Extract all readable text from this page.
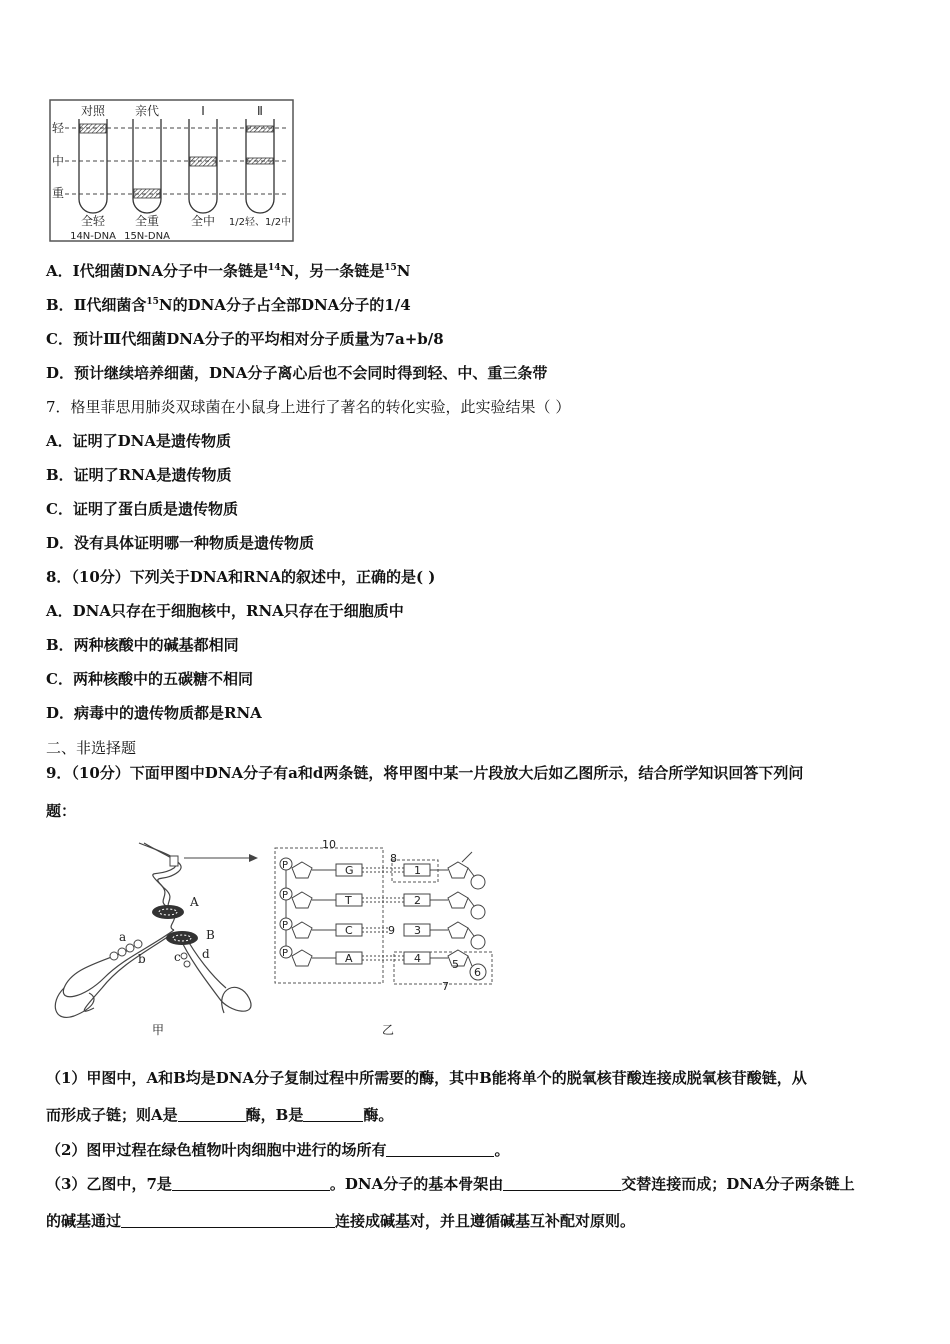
对照 亲代	Ⅰ	Ⅱ
轻
中
重
全轻 全重	全中 1/2轻、1/2中
14N-DNA 15N-DNA
A．Ⅰ代细菌DNA分子中一条链是$^{14}$N，另一条链是$^{15}$N
B．Ⅱ代细菌含$^{15}$N的DNA分子占全部DNA分子的1/4
C．预计Ⅲ代细菌DNA分子的平均相对分子质量为7a+b/8
D．预计继续培养细菌，DNA分子离心后也不会同时得到轻、中、重三条带
7．格里菲思用肺炎双球菌在小鼠身上进行了著名的转化实验，此实验结果（ ）
A．证明了DNA是遗传物质
B．证明了RNA是遗传物质
C．证明了蛋白质是遗传物质
D．没有具体证明哪一种物质是遗传物质
8．（10分）下列关于DNA和RNA的叙述中，正确的是( )
A．DNA只存在于细胞核中，RNA只存在于细胞质中
B．两种核酸中的碱基都相同
C．两种核酸中的五碳糖不相同
D．病毒中的遗传物质都是RNA
二、非选择题
9．（10分）下面甲图中DNA分子有a和d两条链，将甲图中某一片段放大后如乙图所示，结合所学知识回答下列问
题：
A
B
a
b c d
甲
10
8
7
P
P
P
P
G
T
C
A
1
2
3
4
9
5
6
乙
（1）甲图中，A和B均是DNA分子复制过程中所需要的酶，其中B能将单个的脱氧核苷酸连接成脱氧核苷酸链，从
而形成子链；则A是	酶，B是	酶。
（2）图甲过程在绿色植物叶肉细胞中进行的场所有	。
（3）乙图中，7是	。DNA分子的基本骨架由	交替连接而成；DNA分子两条链上
的碱基通过	连接成碱基对，并且遵循碱基互补配对原则。
